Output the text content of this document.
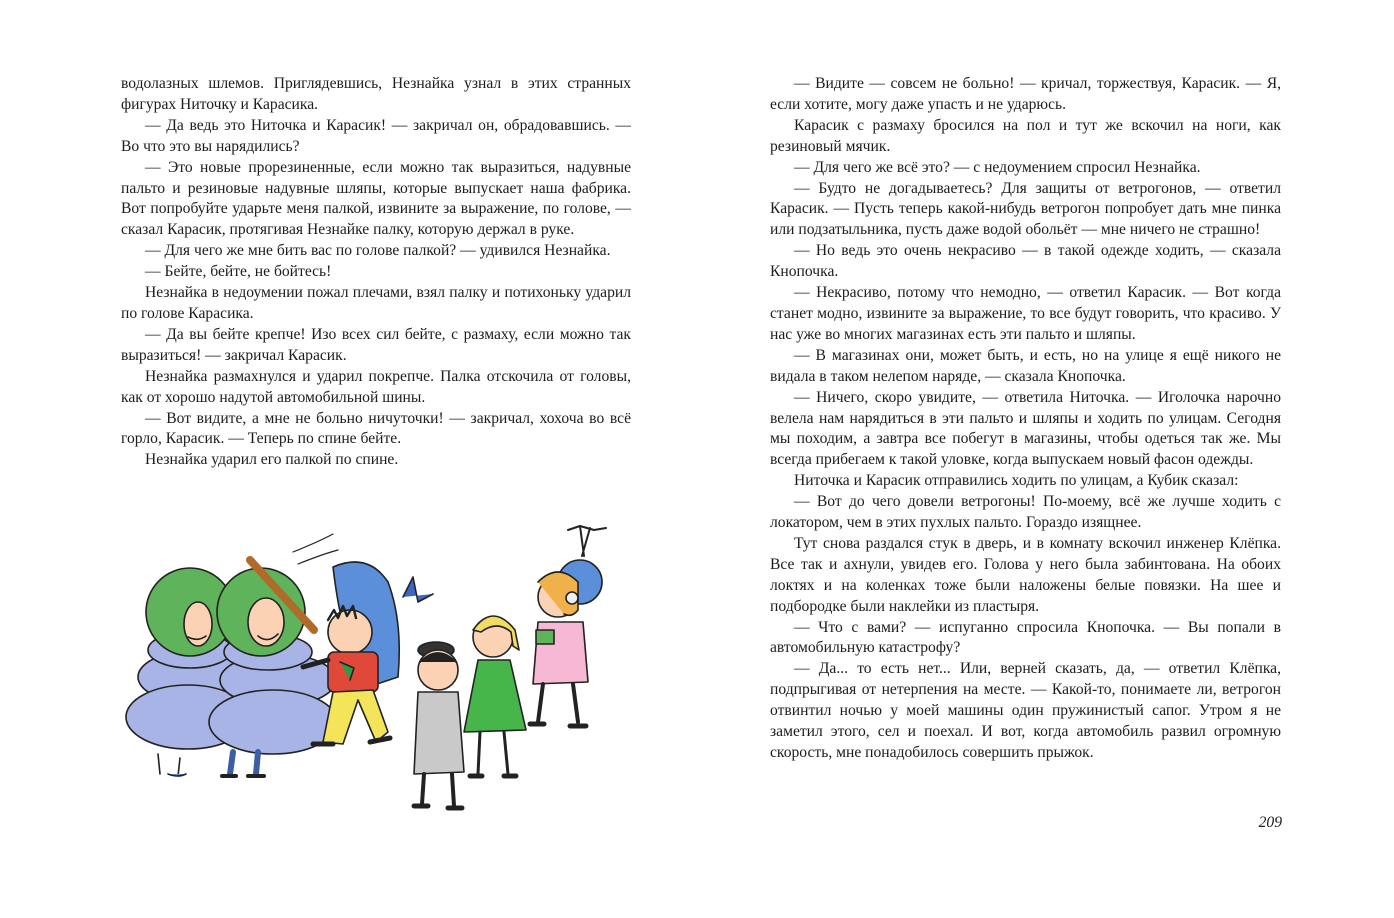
водолазных шлемов. Приглядевшись, Незнайка узнал в этих странных фигурах Ниточку и Карасика.

— Да ведь это Ниточка и Карасик! — закричал он, обрадовавшись. — Во что это вы нарядились?

— Это новые прорезиненные, если можно так выразиться, надувные пальто и резиновые надувные шляпы, которые выпускает наша фабрика. Вот попробуйте ударьте меня палкой, извините за выражение, по голове, — сказал Карасик, протягивая Незнайке палку, которую держал в руке.

— Для чего же мне бить вас по голове палкой? — удивился Незнайка.

— Бейте, бейте, не бойтесь!

Незнайка в недоумении пожал плечами, взял палку и потихоньку ударил по голове Карасика.

— Да вы бейте крепче! Изо всех сил бейте, с размаху, если можно так выразиться! — закричал Карасик.

Незнайка размахнулся и ударил покрепче. Палка отскочила от головы, как от хорошо надутой автомобильной шины.

— Вот видите, а мне не больно ничуточки! — закричал, хохоча во всё горло, Карасик. — Теперь по спине бейте.

Незнайка ударил его палкой по спине.

— Видите — совсем не больно! — кричал, торжествуя, Карасик. — Я, если хотите, могу даже упасть и не ударюсь.

Карасик с размаху бросился на пол и тут же вскочил на ноги, как резиновый мячик.

— Для чего же всё это? — с недоумением спросил Незнайка.

— Будто не догадываетесь? Для защиты от ветрогонов, — ответил Карасик. — Пусть теперь какой-нибудь ветрогон попробует дать мне пинка или подзатыльника, пусть даже водой обольёт — мне ничего не страшно!

— Но ведь это очень некрасиво — в такой одежде ходить, — сказала Кнопочка.

— Некрасиво, потому что немодно, — ответил Карасик. — Вот когда станет модно, извините за выражение, то все будут говорить, что красиво. У нас уже во многих магазинах есть эти пальто и шляпы.

— В магазинах они, может быть, и есть, но на улице я ещё никого не видала в таком нелепом наряде, — сказала Кнопочка.

— Ничего, скоро увидите, — ответила Ниточка. — Иголочка нарочно велела нам нарядиться в эти пальто и шляпы и ходить по улицам. Сегодня мы походим, а завтра все побегут в магазины, чтобы одеться так же. Мы всегда прибегаем к такой уловке, когда выпускаем новый фасон одежды.

Ниточка и Карасик отправились ходить по улицам, а Кубик сказал:

— Вот до чего довели ветрогоны! По-моему, всё же лучше ходить с локатором, чем в этих пухлых пальто. Гораздо изящнее.

Тут снова раздался стук в дверь, и в комнату вскочил инженер Клёпка. Все так и ахнули, увидев его. Голова у него была забинтована. На обоих локтях и на коленках тоже были наложены белые повязки. На шее и подбородке были наклейки из пластыря.

— Что с вами? — испуганно спросила Кнопочка. — Вы попали в автомобильную катастрофу?

— Да... то есть нет... Или, верней сказать, да, — ответил Клёпка, подпрыгивая от нетерпения на месте. — Какой-то, понимаете ли, ветрогон отвинтил ночью у моей машины один пружинистый сапог. Утром я не заметил этого, сел и поехал. И вот, когда автомобиль развил огромную скорость, мне понадобилось совершить прыжок.

209
